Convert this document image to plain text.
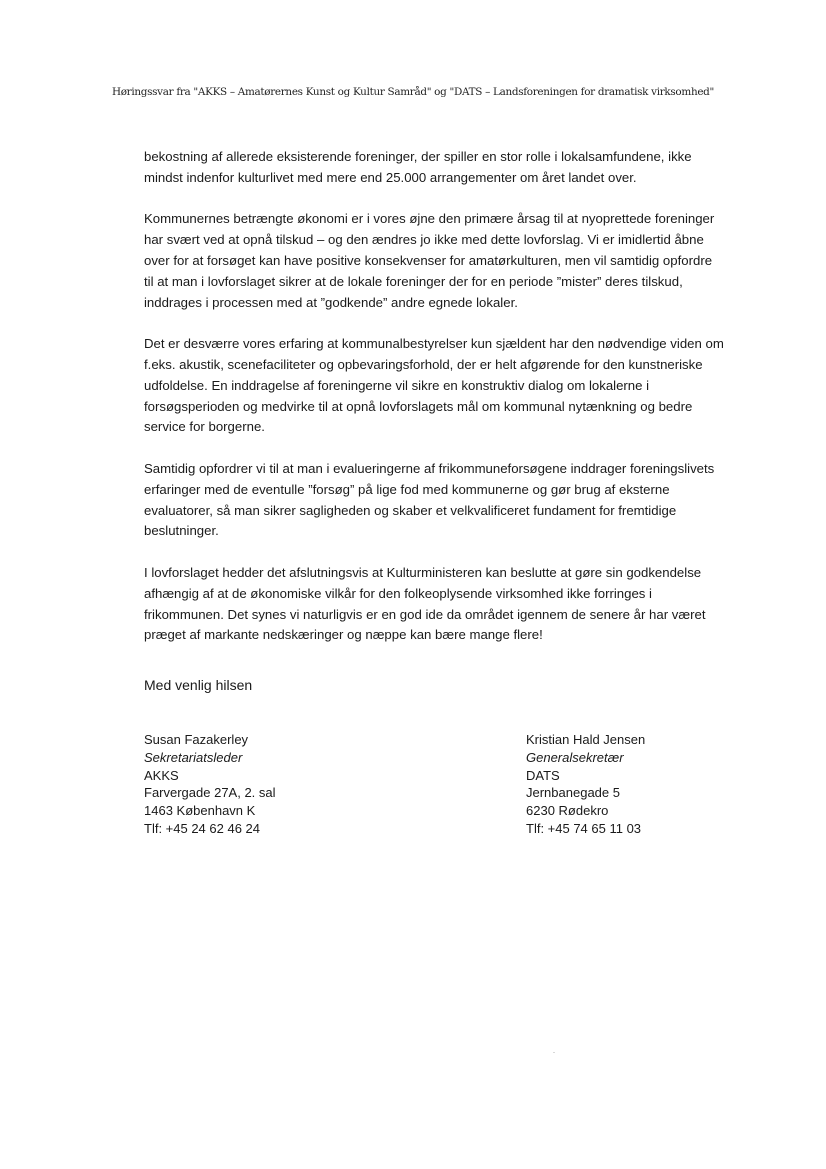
Høringssvar fra "AKKS – Amatørernes Kunst og Kultur Samråd" og "DATS – Landsforeningen for dramatisk virksomhed"

bekostning af allerede eksisterende foreninger, der spiller en stor rolle i lokalsamfundene, ikke
mindst indenfor kulturlivet med mere end 25.000 arrangementer om året landet over.

Kommunernes betrængte økonomi er i vores øjne den primære årsag til at nyoprettede foreninger
har svært ved at opnå tilskud – og den ændres jo ikke med dette lovforslag. Vi er imidlertid åbne
over for at forsøget kan have positive konsekvenser for amatørkulturen, men vil samtidig opfordre
til at man i lovforslaget sikrer at de lokale foreninger der for en periode ”mister” deres tilskud,
inddrages i processen med at ”godkende” andre egnede lokaler.

Det er desværre vores erfaring at kommunalbestyrelser kun sjældent har den nødvendige viden om
f.eks. akustik, scenefaciliteter og opbevaringsforhold, der er helt afgørende for den kunstneriske
udfoldelse. En inddragelse af foreningerne vil sikre en konstruktiv dialog om lokalerne i
forsøgsperioden og medvirke til at opnå lovforslagets mål om kommunal nytænkning og bedre
service for borgerne.

Samtidig opfordrer vi til at man i evalueringerne af frikommuneforsøgene inddrager foreningslivets
erfaringer med de eventulle ”forsøg” på lige fod med kommunerne og gør brug af eksterne
evaluatorer, så man sikrer sagligheden og skaber et velkvalificeret fundament for fremtidige
beslutninger.

I lovforslaget hedder det afslutningsvis at Kulturministeren kan beslutte at gøre sin godkendelse
afhængig af at de økonomiske vilkår for den folkeoplysende virksomhed ikke forringes i
frikommunen. Det synes vi naturligvis er en god ide da området igennem de senere år har været
præget af markante nedskæringer og næppe kan bære mange flere!

Med venlig hilsen
Susan Fazakerley
Sekretariatsleder
AKKS
Farvergade 27A, 2. sal
1463 København K
Tlf: +45 24 62 46 24
Kristian Hald Jensen
Generalsekretær
DATS
Jernbanegade 5
6230 Rødekro
Tlf: +45 74 65 11 03
